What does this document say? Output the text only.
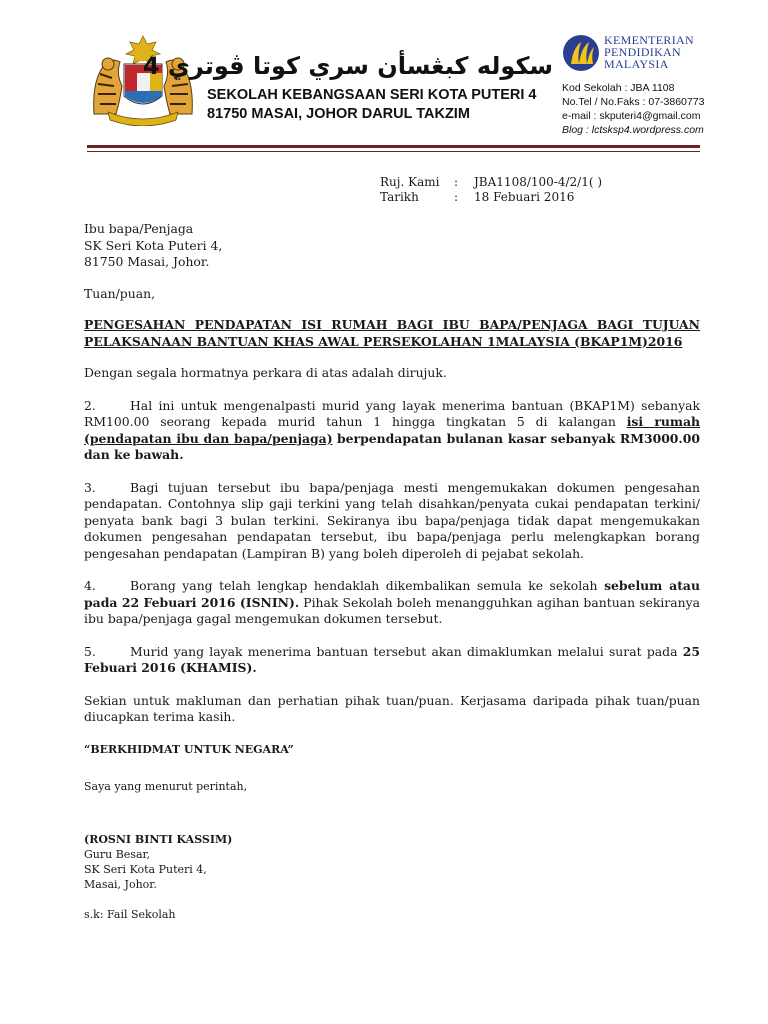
سکوله کبڠسأن سري کوتا ڤوتري 4
SEKOLAH KEBANGSAAN SERI KOTA PUTERI 4
81750 MASAI, JOHOR DARUL TAKZIM
KEMENTERIAN
PENDIDIKAN
MALAYSIA
Kod Sekolah : JBA 1108
No.Tel / No.Faks : 07-3860773
e-mail : skputeri4@gmail.com
Blog : lctsksp4.wordpress.com
Ruj. Kami	:	JBA1108/100-4/2/1( )
Tarikh	:	18 Febuari 2016

Ibu bapa/Penjaga
SK Seri Kota Puteri 4,
81750 Masai, Johor.

Tuan/puan,

PENGESAHAN PENDAPATAN ISI RUMAH BAGI IBU BAPA/PENJAGA BAGI TUJUAN PELAKSANAAN BANTUAN KHAS AWAL PERSEKOLAHAN 1MALAYSIA (BKAP1M)2016

Dengan segala hormatnya perkara di atas adalah dirujuk.

2.	Hal ini untuk mengenalpasti murid yang layak menerima bantuan (BKAP1M) sebanyak RM100.00 seorang kepada murid tahun 1 hingga tingkatan 5 di kalangan isi rumah (pendapatan ibu dan bapa/penjaga) berpendapatan bulanan kasar sebanyak RM3000.00 dan ke bawah.

3.	Bagi tujuan tersebut ibu bapa/penjaga mesti mengemukakan dokumen pengesahan pendapatan. Contohnya slip gaji terkini yang telah disahkan/penyata cukai pendapatan terkini/ penyata bank bagi 3 bulan terkini. Sekiranya ibu bapa/penjaga tidak dapat mengemukakan dokumen pengesahan pendapatan tersebut, ibu bapa/penjaga perlu melengkapkan borang pengesahan pendapatan (Lampiran B) yang boleh diperoleh di pejabat sekolah.

4.	Borang yang telah lengkap hendaklah dikembalikan semula ke sekolah sebelum atau pada 22 Febuari 2016 (ISNIN). Pihak Sekolah boleh menangguhkan agihan bantuan sekiranya ibu bapa/penjaga gagal mengemukan dokumen tersebut.

5.	Murid yang layak menerima bantuan tersebut akan dimaklumkan melalui surat pada 25 Febuari 2016 (KHAMIS).

Sekian untuk makluman dan perhatian pihak tuan/puan. Kerjasama daripada pihak tuan/puan diucapkan terima kasih.

“BERKHIDMAT UNTUK NEGARA”

Saya yang menurut perintah,

(ROSNI BINTI KASSIM)
Guru Besar,
SK Seri Kota Puteri 4,
Masai, Johor.

s.k: Fail Sekolah
